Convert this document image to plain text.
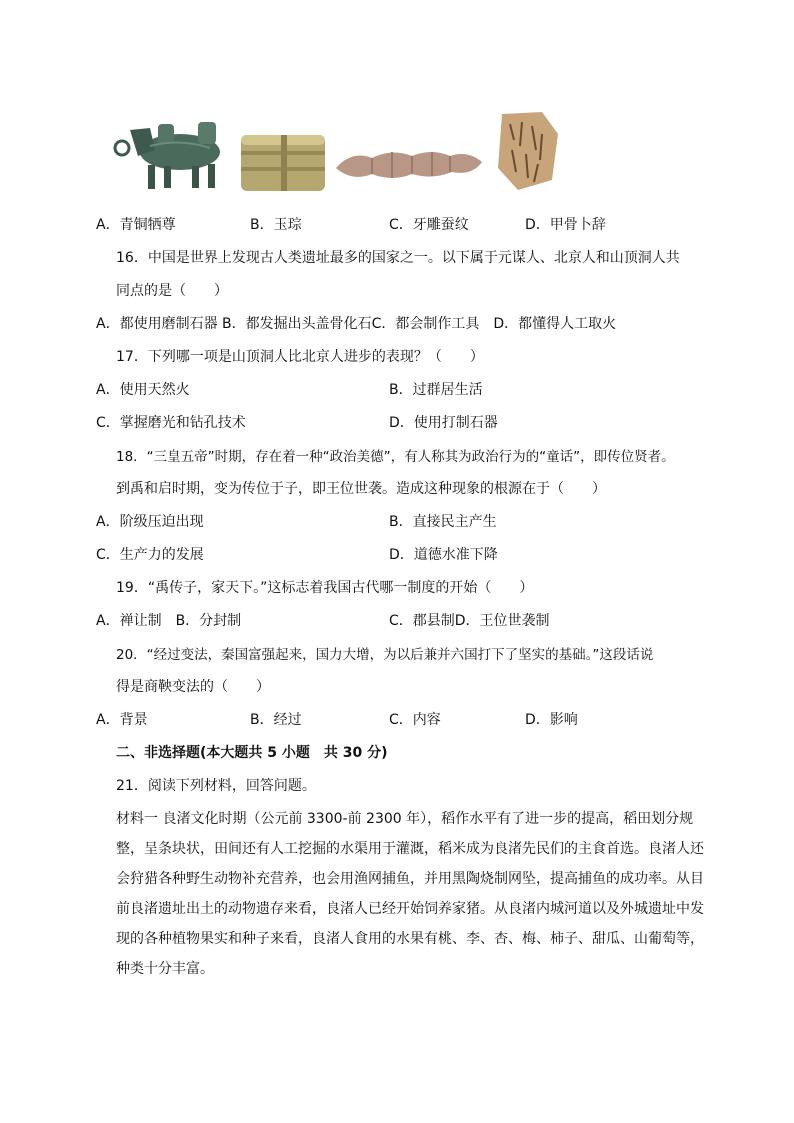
A．青铜牺尊	B．玉琮	C．牙雕蚕纹	D．甲骨卜辞
16．中国是世界上发现古人类遗址最多的国家之一。以下属于元谋人、北京人和山顶洞人共
同点的是（　　）
A．都使用磨制石器 B．都发掘出头盖骨化石C．都会制作工具　D．都懂得人工取火
17．下列哪一项是山顶洞人比北京人进步的表现？（　　）
A．使用天然火	B．过群居生活
C．掌握磨光和钻孔技术	D．使用打制石器
18．“三皇五帝”时期，存在着一种“政治美德”，有人称其为政治行为的“童话”，即传位贤者。
到禹和启时期，变为传位于子，即王位世袭。造成这种现象的根源在于（　　）
A．阶级压迫出现	B．直接民主产生
C．生产力的发展	D．道德水准下降
19．“禹传子，家天下。”这标志着我国古代哪一制度的开始（　　）
A．禅让制　B．分封制	C．郡县制D．王位世袭制
20．“经过变法，秦国富强起来，国力大增，为以后兼并六国打下了坚实的基础。”这段话说
得是商鞅变法的（　　）
A．背景	B．经过	C．内容	D．影响
二、非选择题(本大题共 5 小题　共 30 分)
21．阅读下列材料，回答问题。
材料一 良渚文化时期（公元前 3300-前 2300 年），稻作水平有了进一步的提高，稻田划分规整，呈条块状，田间还有人工挖掘的水渠用于灌溉，稻米成为良渚先民们的主食首选。良渚人还会狩猎各种野生动物补充营养，也会用渔网捕鱼，并用黑陶烧制网坠，提高捕鱼的成功率。从目前良渚遗址出土的动物遗存来看，良渚人已经开始饲养家猪。从良渚内城河道以及外城遗址中发现的各种植物果实和种子来看，良渚人食用的水果有桃、李、杏、梅、柿子、甜瓜、山葡萄等，种类十分丰富。
